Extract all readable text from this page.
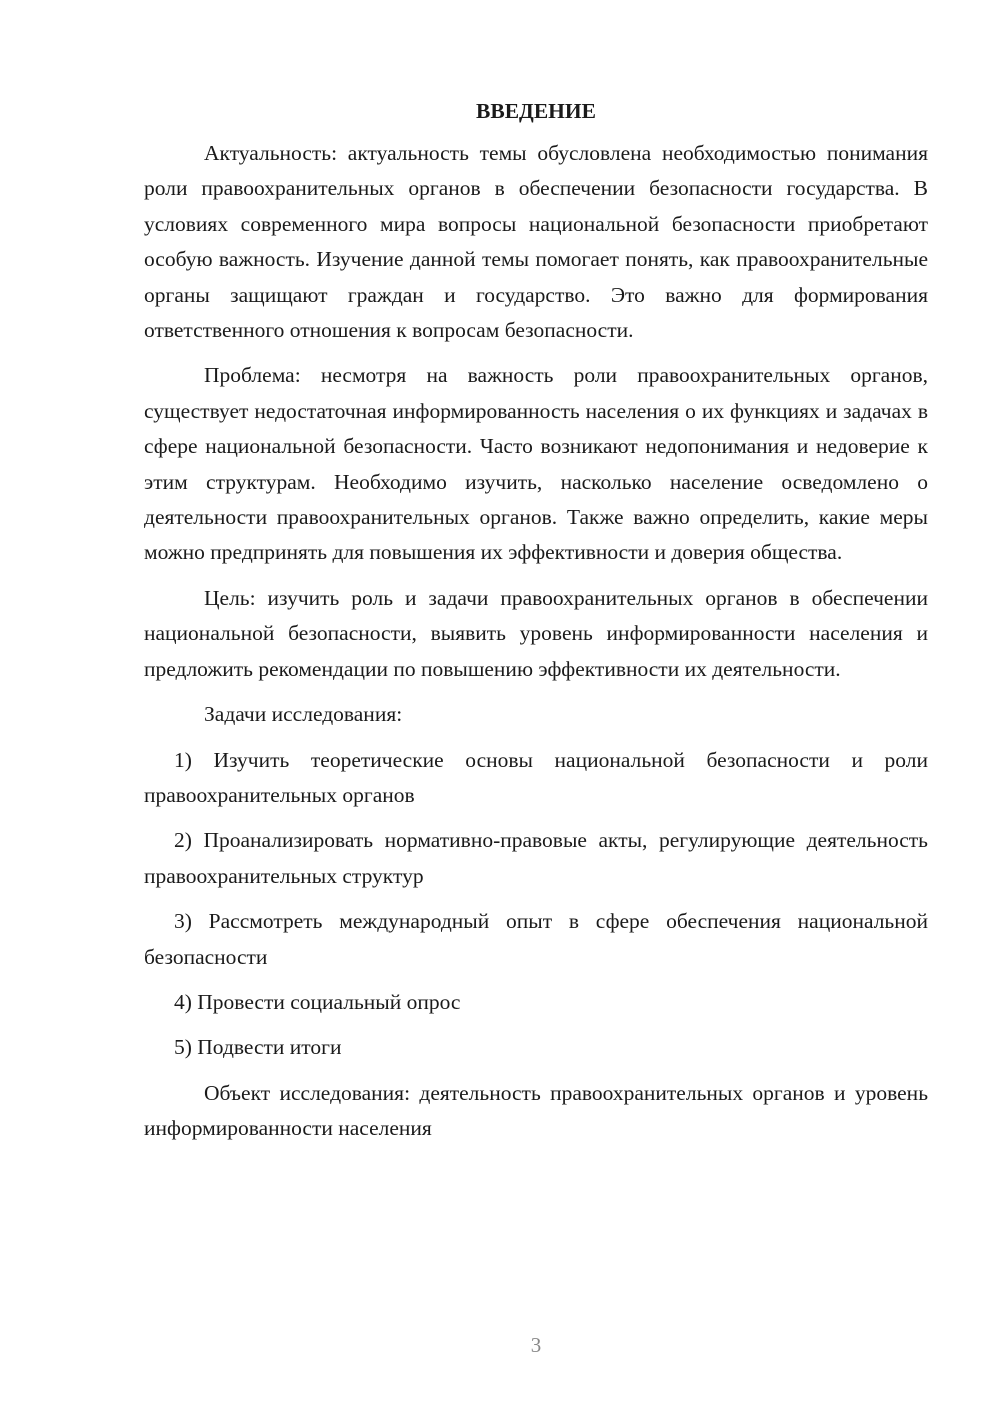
ВВЕДЕНИЕ

Актуальность: актуальность темы обусловлена необходимостью понимания роли правоохранительных органов в обеспечении безопасности государства. В условиях современного мира вопросы национальной безопасности приобретают особую важность. Изучение данной темы помогает понять, как правоохранительные органы защищают граждан и государство. Это важно для формирования ответственного отношения к вопросам безопасности.

Проблема: несмотря на важность роли правоохранительных органов, существует недостаточная информированность населения о их функциях и задачах в сфере национальной безопасности. Часто возникают недопонимания и недоверие к этим структурам. Необходимо изучить, насколько население осведомлено о деятельности правоохранительных органов. Также важно определить, какие меры можно предпринять для повышения их эффективности и доверия общества.

Цель: изучить роль и задачи правоохранительных органов в обеспечении национальной безопасности, выявить уровень информированности населения и предложить рекомендации по повышению эффективности их деятельности.

Задачи исследования:

1) Изучить теоретические основы национальной безопасности и роли правоохранительных органов

2) Проанализировать нормативно-правовые акты, регулирующие деятельность правоохранительных структур

3) Рассмотреть международный опыт в сфере обеспечения национальной безопасности

4) Провести социальный опрос

5) Подвести итоги

Объект исследования: деятельность правоохранительных органов и уровень информированности населения

3
